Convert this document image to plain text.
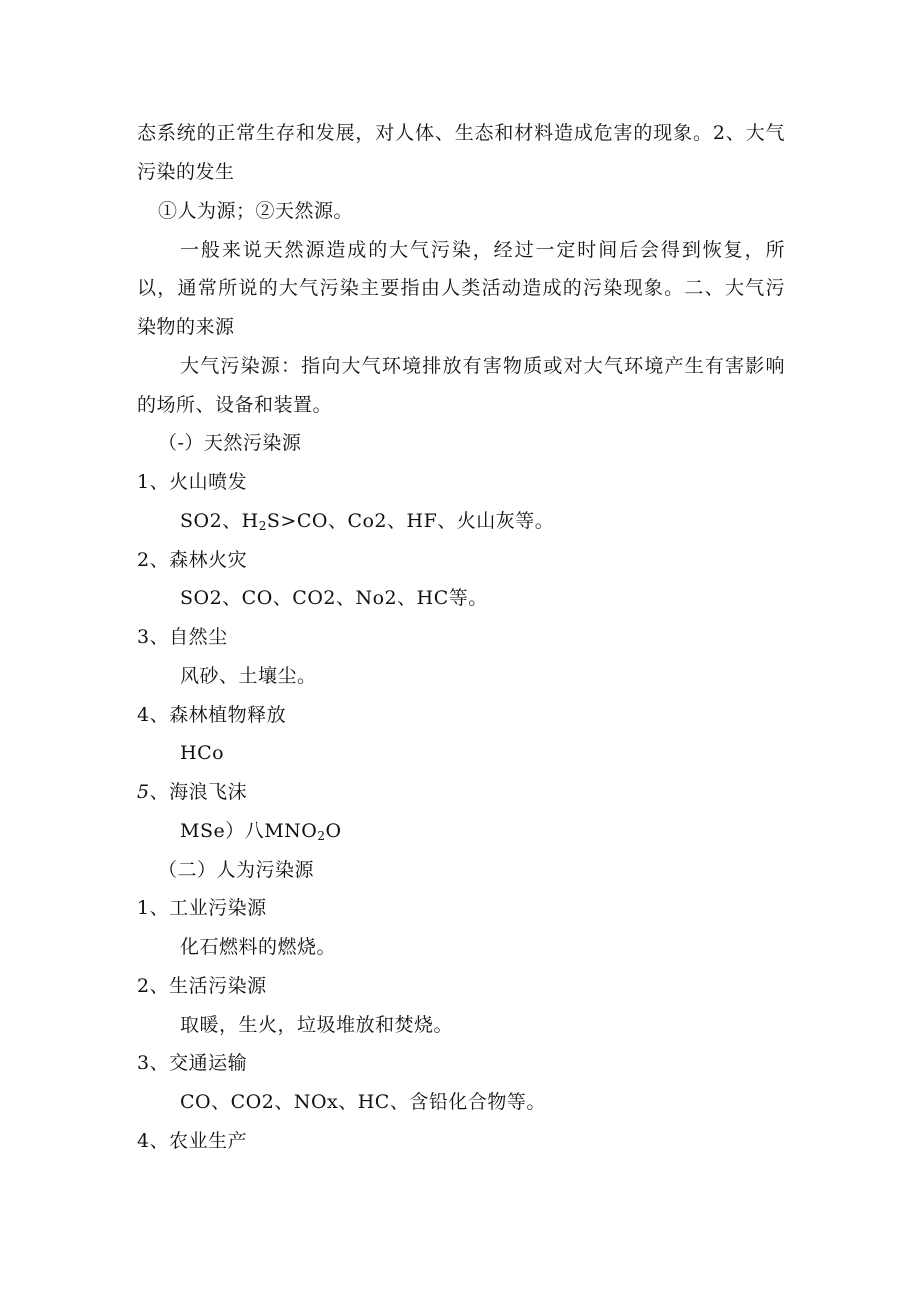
态系统的正常生存和发展，对人体、生态和材料造成危害的现象。2、大气
污染的发生
①人为源；②天然源。
一般来说天然源造成的大气污染，经过一定时间后会得到恢复，所
以，通常所说的大气污染主要指由人类活动造成的污染现象。二、大气污
染物的来源
大气污染源：指向大气环境排放有害物质或对大气环境产生有害影响
的场所、设备和装置。
（-）天然污染源
1、火山喷发
SO2、$H_2S>CO$、Co2、HF、火山灰等。
2、森林火灾
SO2、CO、CO2、No2、HC等。
3、自然尘
风砂、土壤尘。
4、森林植物释放
HCo
5、海浪飞沫
MSe）八$MNO_2O$
（二）人为污染源
1、工业污染源
化石燃料的燃烧。
2、生活污染源
取暖，生火，垃圾堆放和焚烧。
3、交通运输
CO、CO2、NOx、HC、含铅化合物等。
4、农业生产
